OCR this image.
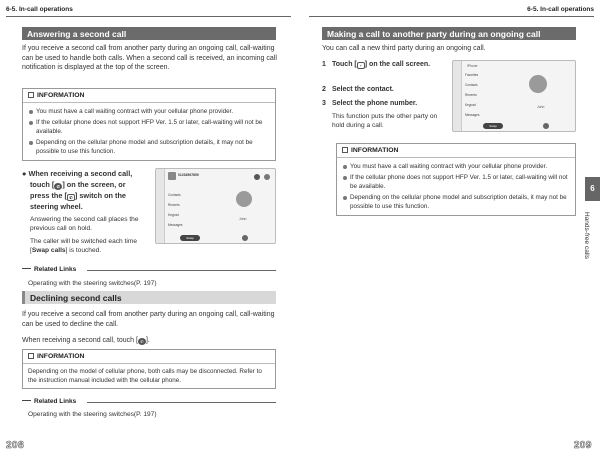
6-5. In-call operations
Answering a second call
If you receive a second call from another party during an ongoing call, call-waiting can be used to handle both calls. When a second call is received, an incoming call notification is displayed at the top of the screen.
INFORMATION
You must have a call waiting contract with your cellular phone provider.
If the cellular phone does not support HFP Ver. 1.5 or later, call-waiting will not be available.
Depending on the cellular phone model and subscription details, it may not be possible to use this function.
● When receiving a second call,
touch [ ✆ ] on the screen, or
press the [ ✆ ] switch on the
steering wheel.
Answering the second call places the previous call on hold.
The caller will be switched each time [Swap calls] is touched.
01234567890
Contacts
Recents
Keypad
Messages
John
Swap
Related Links
Operating with the steering switches(P. 197)
Declining second calls
If you receive a second call from another party during an ongoing call, call-waiting can be used to decline the call.
When receiving a second call, touch [ ✆ ].
INFORMATION
Depending on the model of cellular phone, both calls may be disconnected. Refer to the instruction manual included with the cellular phone.
Related Links
Operating with the steering switches(P. 197)
208
6-5. In-call operations
Making a call to another party during an ongoing call
You can call a new third party during an ongoing call.
1 Touch [ + ] on the call screen.
2 Select the contact.
3 Select the phone number.
This function puts the other party on hold during a call.
iPhone
Favorites
Contacts
Recents
Keypad
Messages
John
Swap
INFORMATION
You must have a call waiting contract with your cellular phone provider.
If the cellular phone does not support HFP Ver. 1.5 or later, call-waiting will not be available.
Depending on the cellular phone model and subscription details, it may not be possible to use this function.
209
6
Hands-free calls
